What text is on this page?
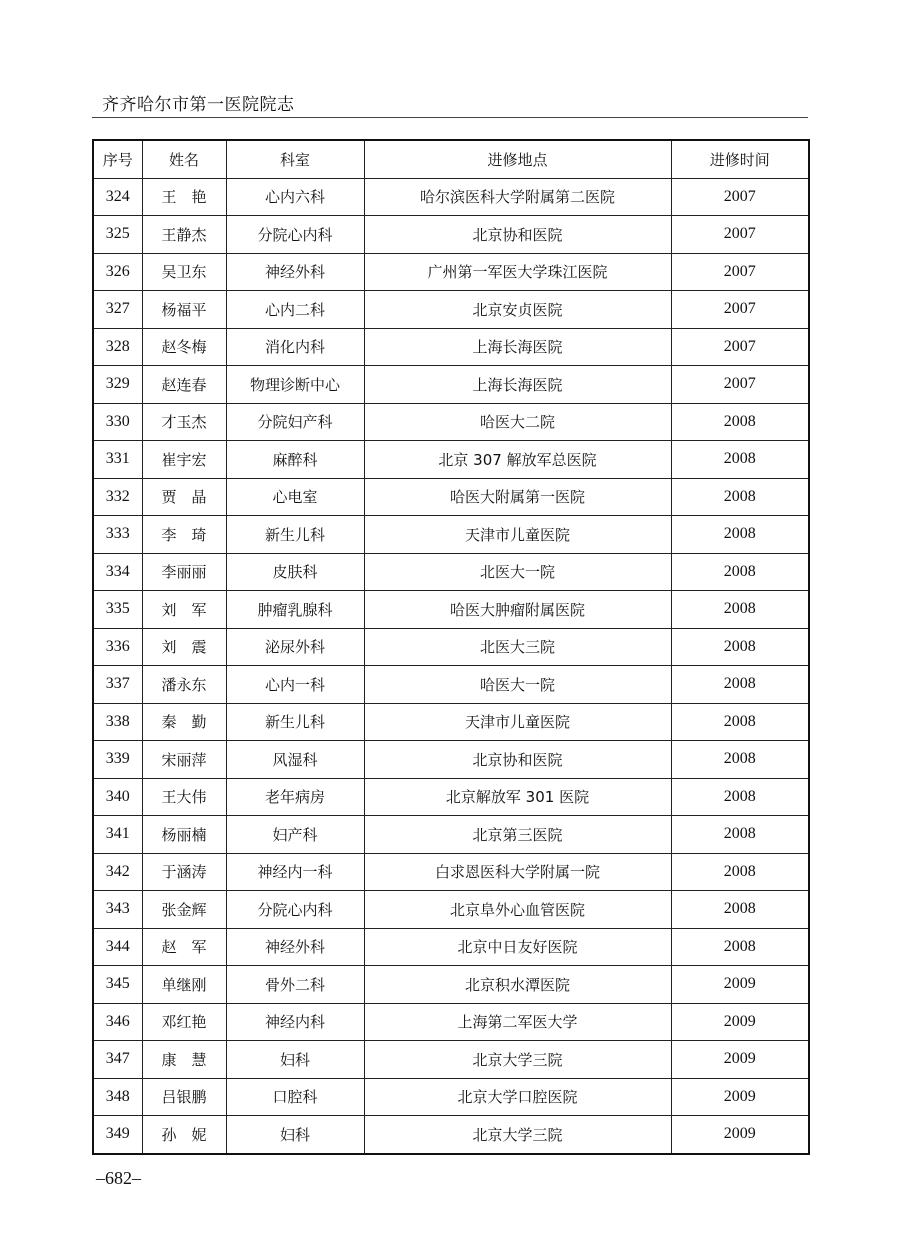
齐齐哈尔市第一医院院志
序号	姓名	科室	进修地点	进修时间
324	王　艳	心内六科	哈尔滨医科大学附属第二医院	2007
325	王静杰	分院心内科	北京协和医院	2007
326	吴卫东	神经外科	广州第一军医大学珠江医院	2007
327	杨福平	心内二科	北京安贞医院	2007
328	赵冬梅	消化内科	上海长海医院	2007
329	赵连春	物理诊断中心	上海长海医院	2007
330	才玉杰	分院妇产科	哈医大二院	2008
331	崔宇宏	麻醉科	北京 307 解放军总医院	2008
332	贾　晶	心电室	哈医大附属第一医院	2008
333	李　琦	新生儿科	天津市儿童医院	2008
334	李丽丽	皮肤科	北医大一院	2008
335	刘　军	肿瘤乳腺科	哈医大肿瘤附属医院	2008
336	刘　震	泌尿外科	北医大三院	2008
337	潘永东	心内一科	哈医大一院	2008
338	秦　勤	新生儿科	天津市儿童医院	2008
339	宋丽萍	风湿科	北京协和医院	2008
340	王大伟	老年病房	北京解放军 301 医院	2008
341	杨丽楠	妇产科	北京第三医院	2008
342	于涵涛	神经内一科	白求恩医科大学附属一院	2008
343	张金辉	分院心内科	北京阜外心血管医院	2008
344	赵　军	神经外科	北京中日友好医院	2008
345	单继刚	骨外二科	北京积水潭医院	2009
346	邓红艳	神经内科	上海第二军医大学	2009
347	康　慧	妇科	北京大学三院	2009
348	吕银鹏	口腔科	北京大学口腔医院	2009
349	孙　妮	妇科	北京大学三院	2009
–682–
